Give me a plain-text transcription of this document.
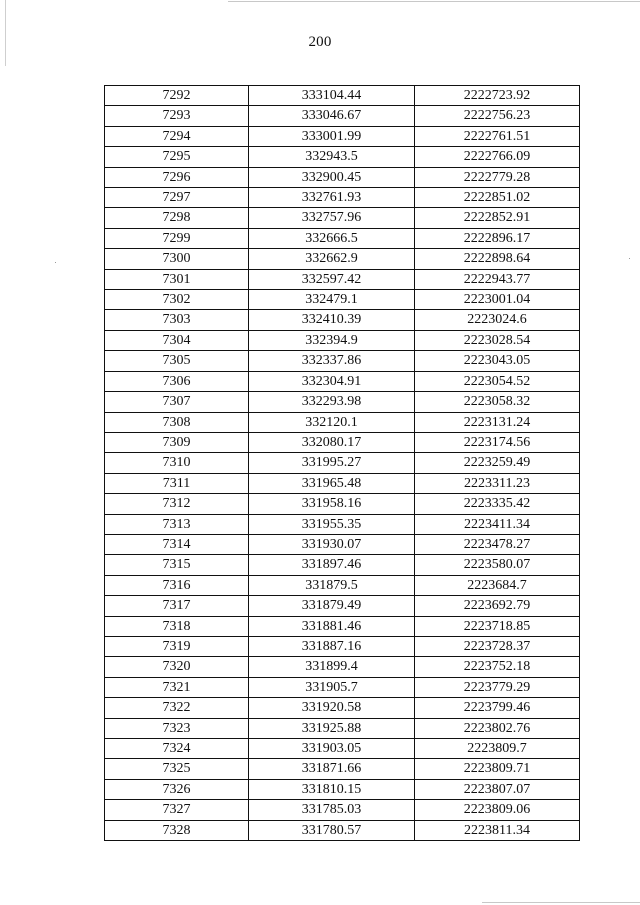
200
7292	333104.44	2222723.92
7293	333046.67	2222756.23
7294	333001.99	2222761.51
7295	332943.5	2222766.09
7296	332900.45	2222779.28
7297	332761.93	2222851.02
7298	332757.96	2222852.91
7299	332666.5	2222896.17
7300	332662.9	2222898.64
7301	332597.42	2222943.77
7302	332479.1	2223001.04
7303	332410.39	2223024.6
7304	332394.9	2223028.54
7305	332337.86	2223043.05
7306	332304.91	2223054.52
7307	332293.98	2223058.32
7308	332120.1	2223131.24
7309	332080.17	2223174.56
7310	331995.27	2223259.49
7311	331965.48	2223311.23
7312	331958.16	2223335.42
7313	331955.35	2223411.34
7314	331930.07	2223478.27
7315	331897.46	2223580.07
7316	331879.5	2223684.7
7317	331879.49	2223692.79
7318	331881.46	2223718.85
7319	331887.16	2223728.37
7320	331899.4	2223752.18
7321	331905.7	2223779.29
7322	331920.58	2223799.46
7323	331925.88	2223802.76
7324	331903.05	2223809.7
7325	331871.66	2223809.71
7326	331810.15	2223807.07
7327	331785.03	2223809.06
7328	331780.57	2223811.34
